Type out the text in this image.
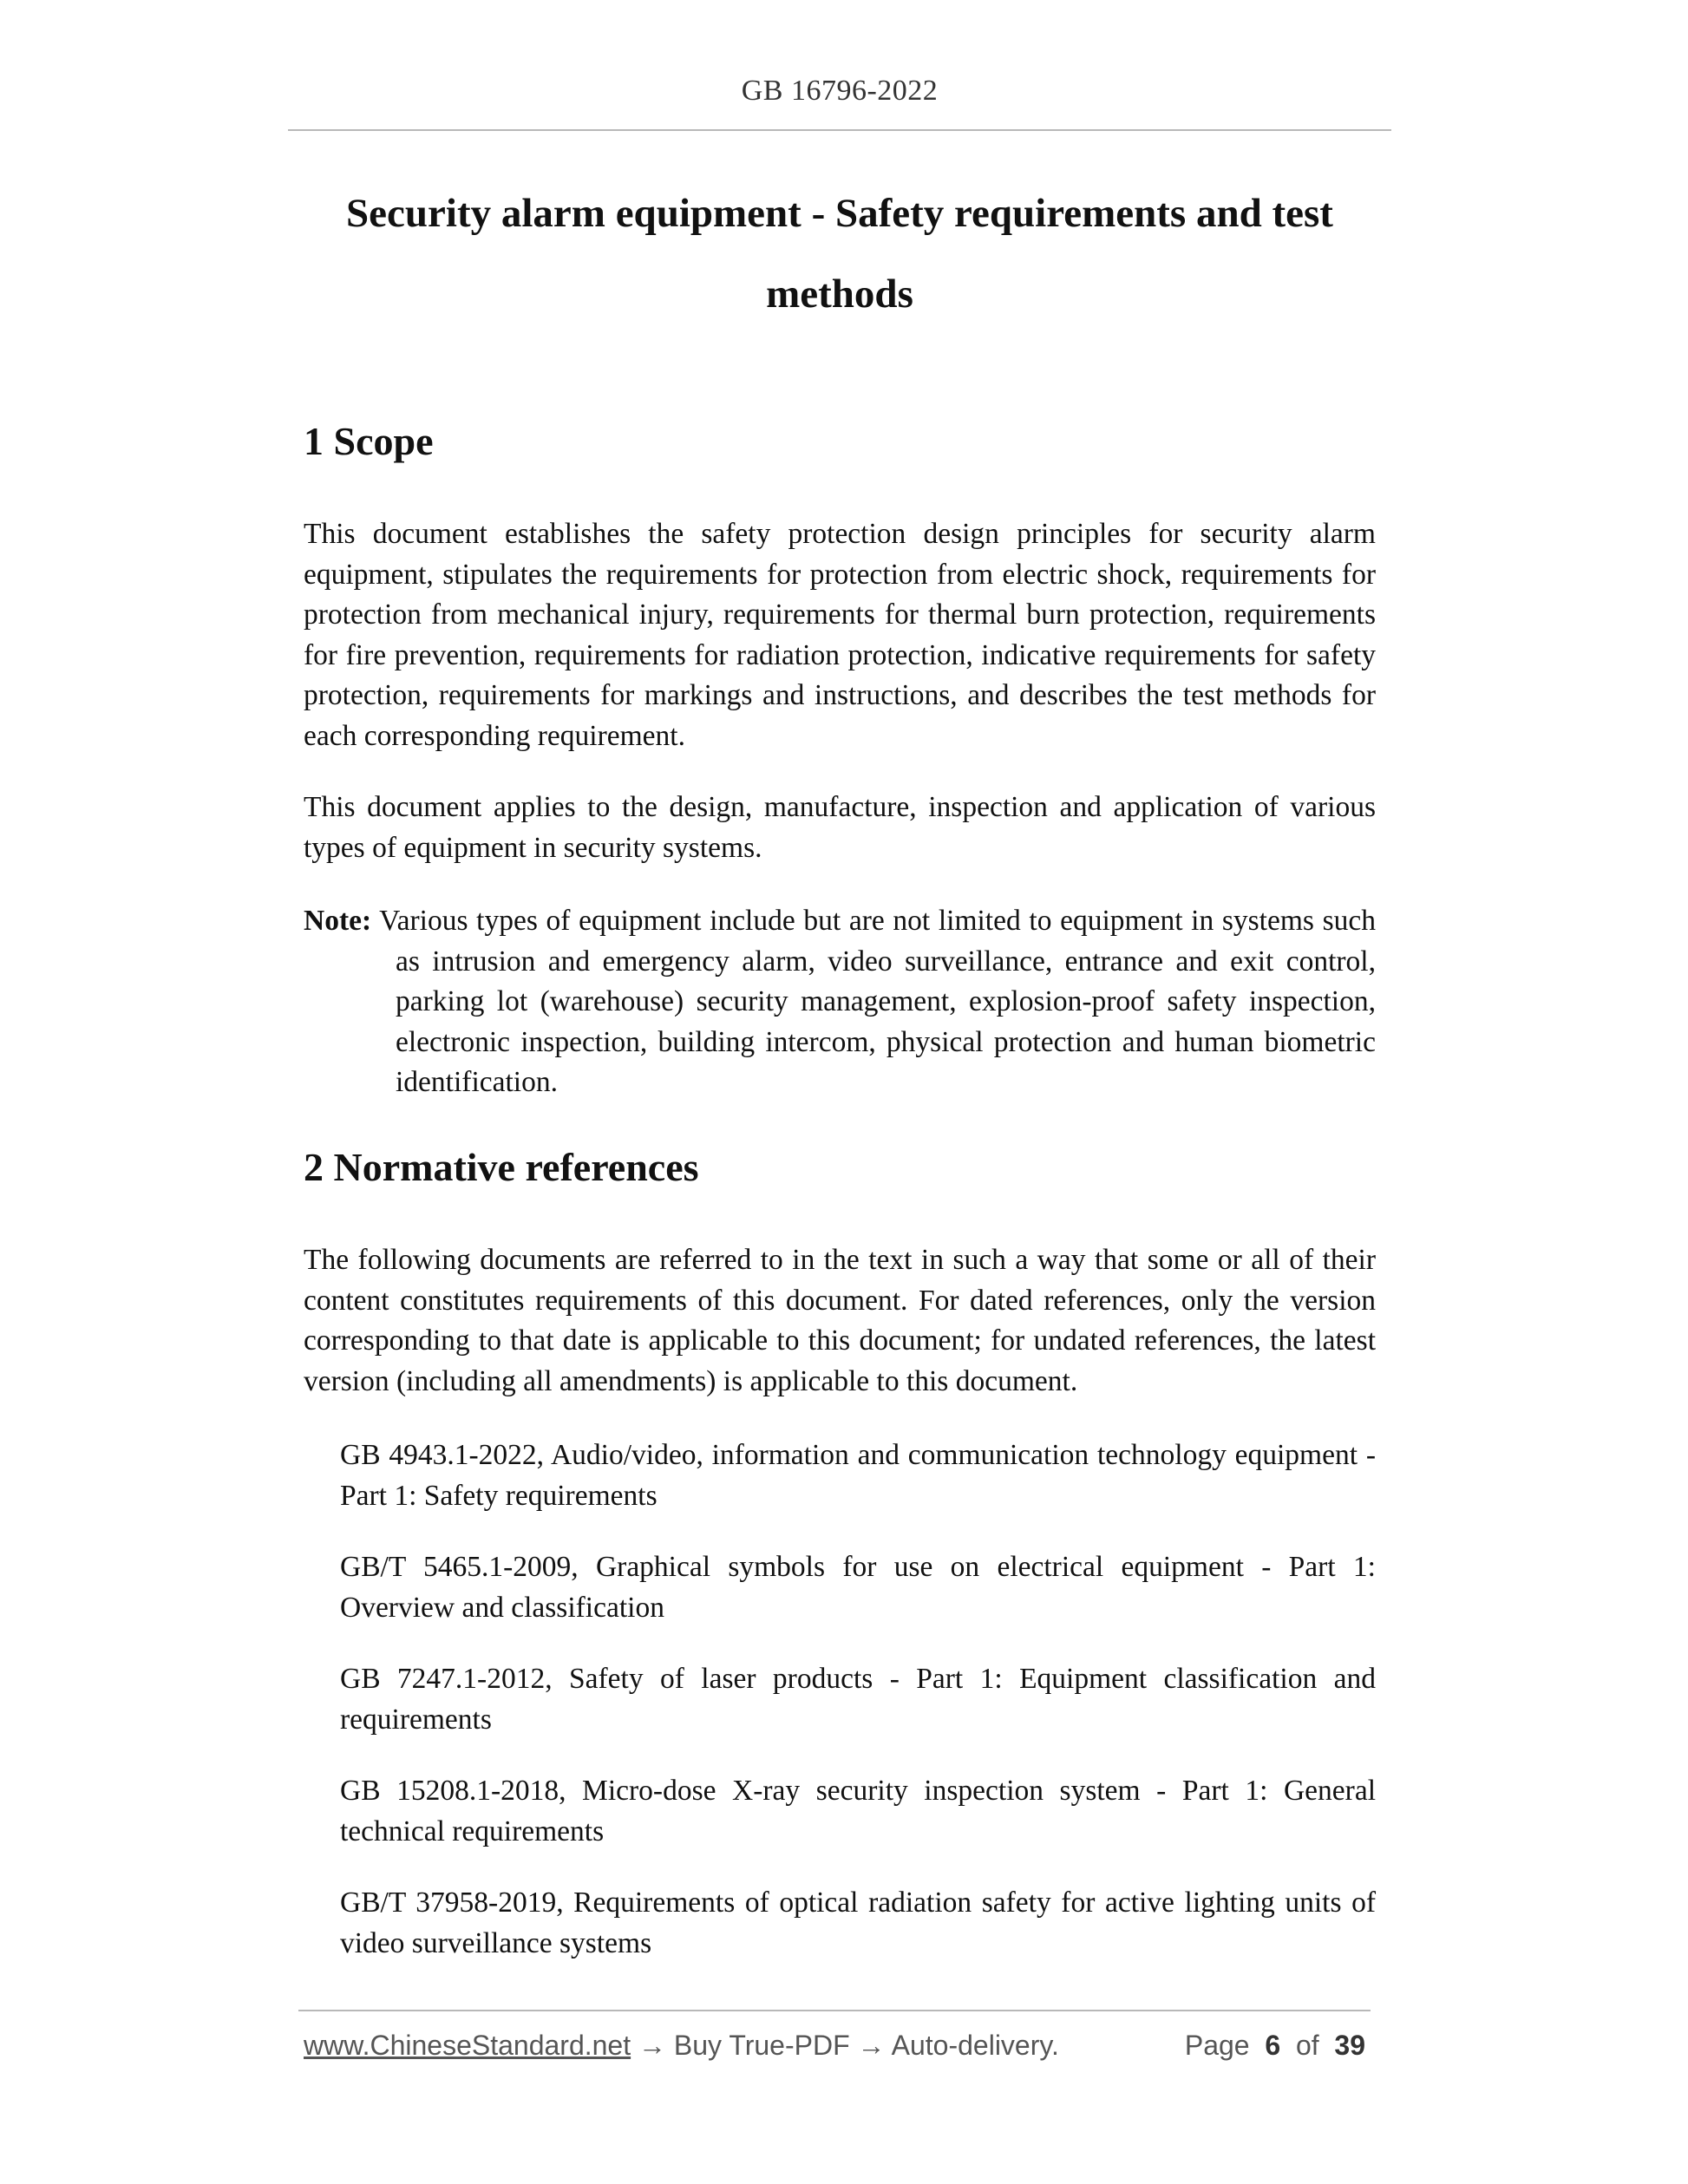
GB 16796-2022
Security alarm equipment - Safety requirements and test methods
1 Scope

This document establishes the safety protection design principles for security alarm equipment, stipulates the requirements for protection from electric shock, requirements for protection from mechanical injury, requirements for thermal burn protection, requirements for fire prevention, requirements for radiation protection, indicative requirements for safety protection, requirements for markings and instructions, and describes the test methods for each corresponding requirement.

This document applies to the design, manufacture, inspection and application of various types of equipment in security systems.

Note: Various types of equipment include but are not limited to equipment in systems such as intrusion and emergency alarm, video surveillance, entrance and exit control, parking lot (warehouse) security management, explosion-proof safety inspection, electronic inspection, building intercom, physical protection and human biometric identification.

2 Normative references

The following documents are referred to in the text in such a way that some or all of their content constitutes requirements of this document. For dated references, only the version corresponding to that date is applicable to this document; for undated references, the latest version (including all amendments) is applicable to this document.

GB 4943.1-2022, Audio/video, information and communication technology equipment - Part 1: Safety requirements

GB/T 5465.1-2009, Graphical symbols for use on electrical equipment - Part 1: Overview and classification

GB 7247.1-2012, Safety of laser products - Part 1: Equipment classification and requirements

GB 15208.1-2018, Micro-dose X-ray security inspection system - Part 1: General technical requirements

GB/T 37958-2019, Requirements of optical radiation safety for active lighting units of video surveillance systems

www.ChineseStandard.net → Buy True-PDF → Auto-delivery.	Page 6 of 39
